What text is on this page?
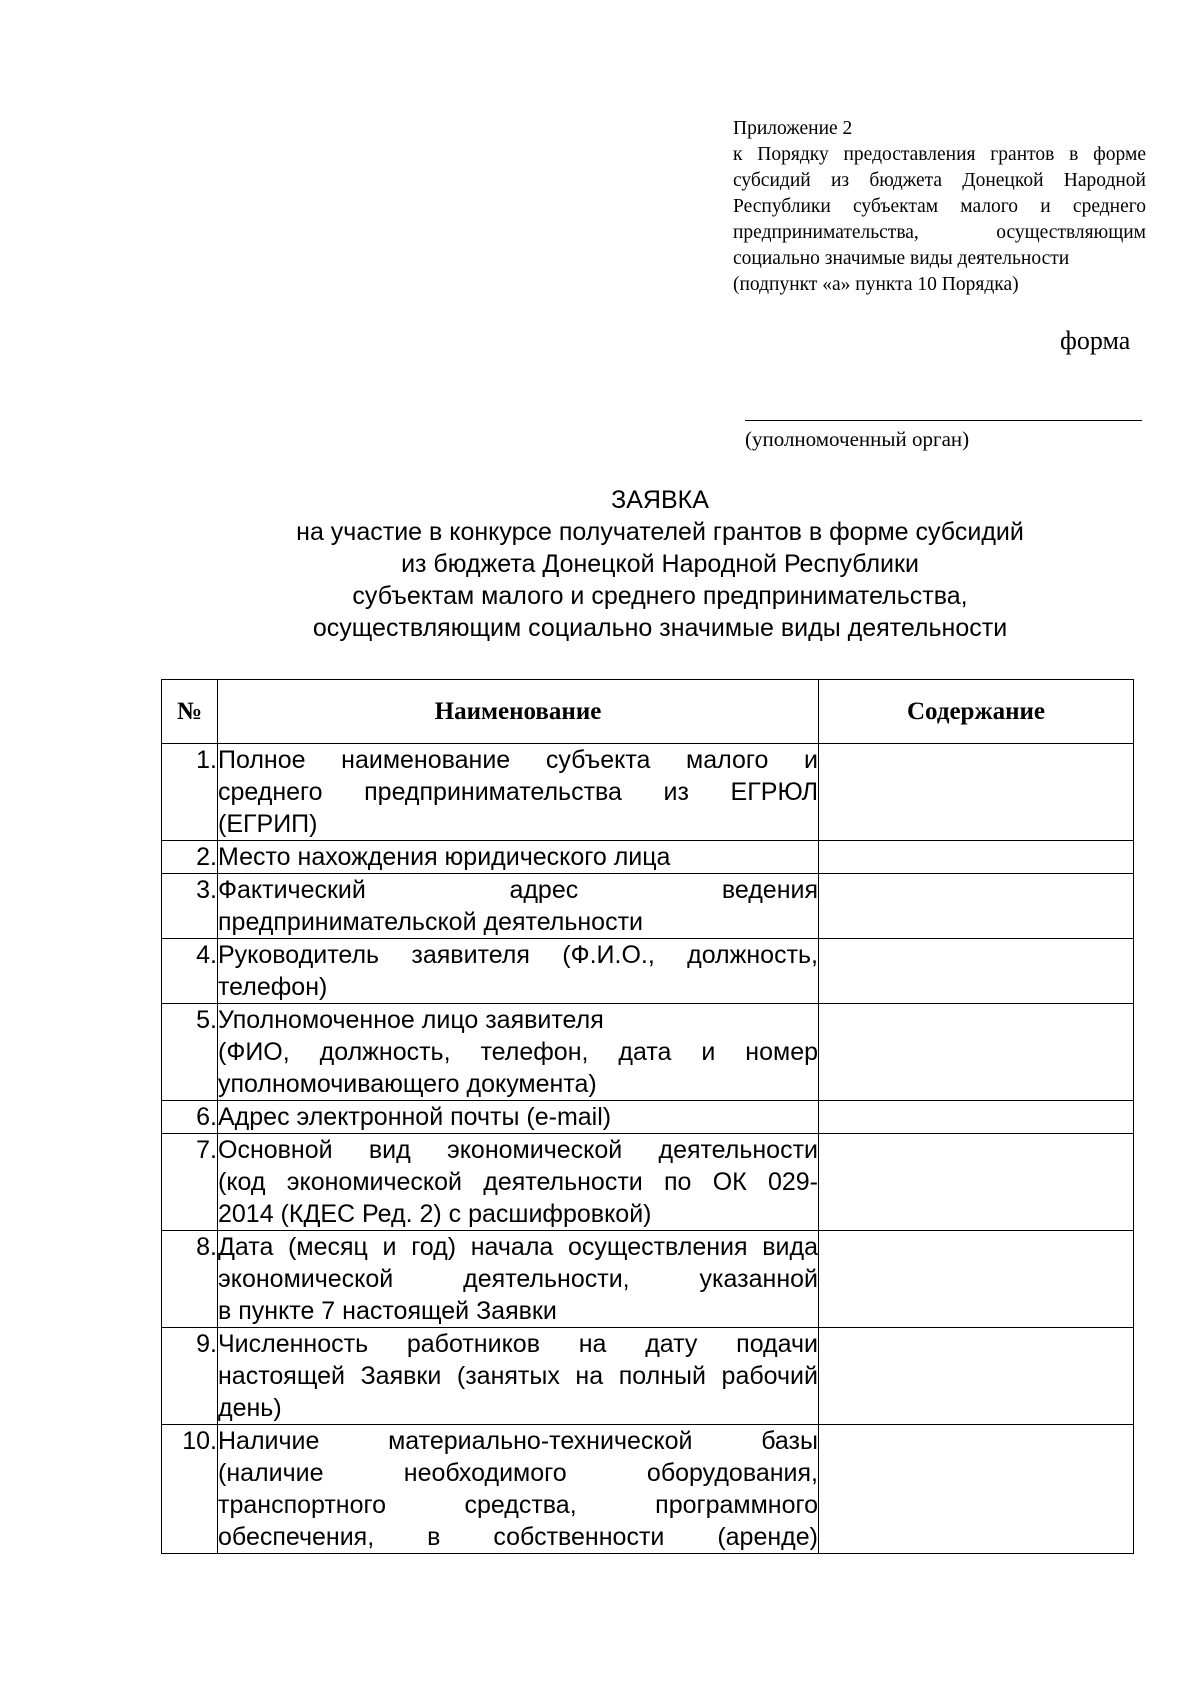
Приложение 2
к Порядку предоставления грантов в форме
субсидий из бюджета Донецкой Народной
Республики субъектам малого и среднего
предпринимательства, осуществляющим
социально значимые виды деятельности
(подпункт «а» пункта 10 Порядка)
форма
(уполномоченный орган)
ЗАЯВКА
на участие в конкурсе получателей грантов в форме субсидий
из бюджета Донецкой Народной Республики
субъектам малого и среднего предпринимательства,
осуществляющим социально значимые виды деятельности
№	Наименование	Содержание
1.	Полное наименование субъекта малого и
среднего предпринимательства из ЕГРЮЛ
(ЕГРИП)	

2.	Место нахождения юридического лица	

3.	Фактический адрес ведения
предпринимательской деятельности	

4.	Руководитель заявителя (Ф.И.О., должность,
телефон)	

5.	Уполномоченное лицо заявителя
(ФИО, должность, телефон, дата и номер
уполномочивающего документа)	

6.	Адрес электронной почты (e-mail)	

7.	Основной вид экономической деятельности
(код экономической деятельности по ОК 029-
2014 (КДЕС Ред. 2) с расшифровкой)	

8.	Дата (месяц и год) начала осуществления вида
экономической деятельности, указанной
в пункте 7 настоящей Заявки	

9.	Численность работников на дату подачи
настоящей Заявки (занятых на полный рабочий
день)	

10.	Наличие материально-технической базы
(наличие необходимого оборудования,
транспортного средства, программного
обеспечения, в собственности (аренде)	
